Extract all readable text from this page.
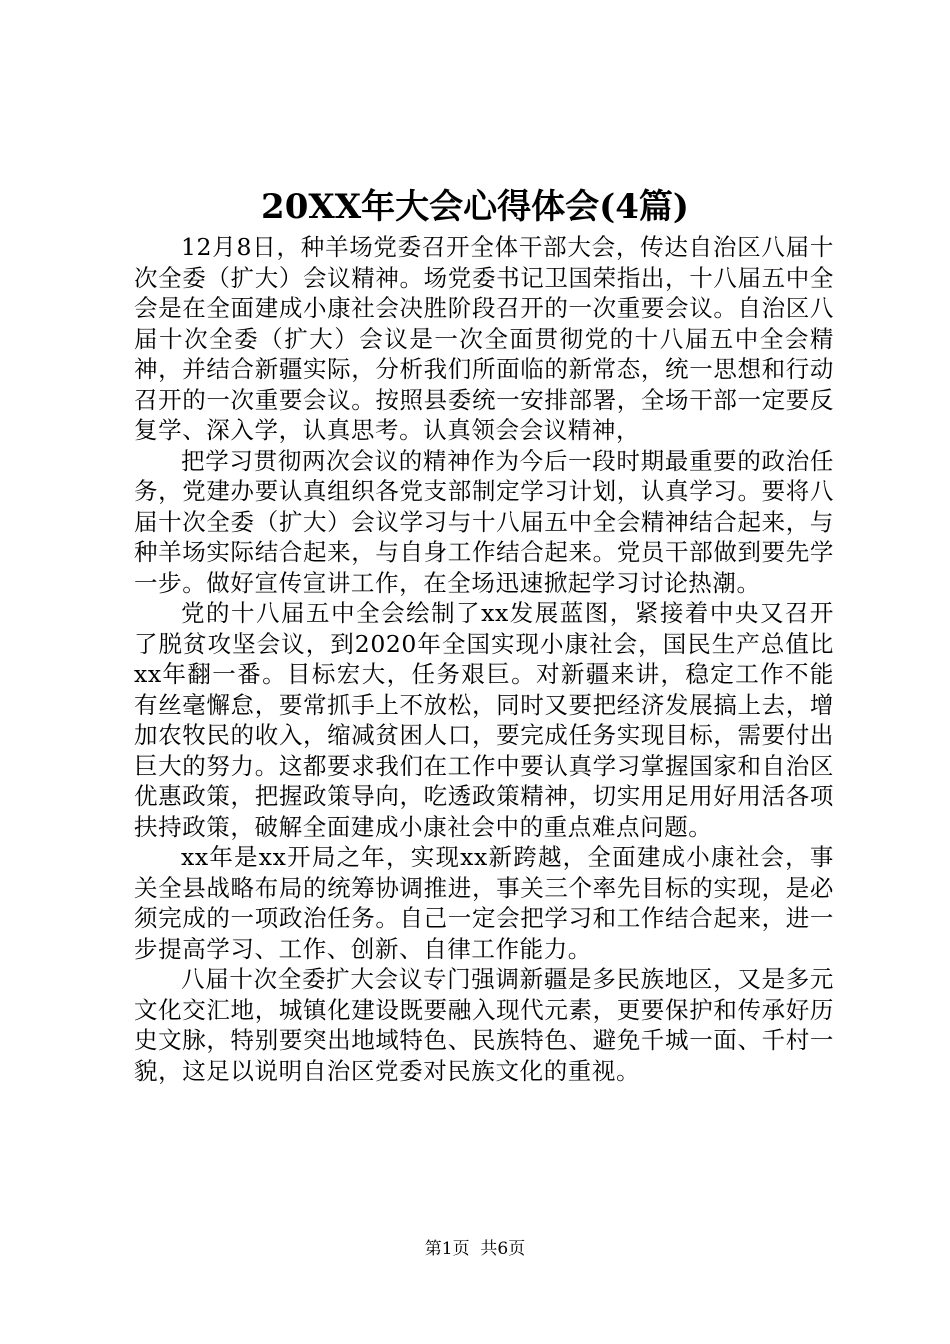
20XX年大会心得体会(4篇)

12月8日，种羊场党委召开全体干部大会，传达自治区八届十次全委（扩大）会议精神。场党委书记卫国荣指出，十八届五中全会是在全面建成小康社会决胜阶段召开的一次重要会议。自治区八届十次全委（扩大）会议是一次全面贯彻党的十八届五中全会精神，并结合新疆实际，分析我们所面临的新常态，统一思想和行动召开的一次重要会议。按照县委统一安排部署，全场干部一定要反复学、深入学，认真思考。认真领会会议精神，

把学习贯彻两次会议的精神作为今后一段时期最重要的政治任务，党建办要认真组织各党支部制定学习计划，认真学习。要将八届十次全委（扩大）会议学习与十八届五中全会精神结合起来，与种羊场实际结合起来，与自身工作结合起来。党员干部做到要先学一步。做好宣传宣讲工作，在全场迅速掀起学习讨论热潮。

党的十八届五中全会绘制了xx发展蓝图，紧接着中央又召开了脱贫攻坚会议，到2020年全国实现小康社会，国民生产总值比xx年翻一番。目标宏大，任务艰巨。对新疆来讲，稳定工作不能有丝毫懈怠，要常抓手上不放松，同时又要把经济发展搞上去，增加农牧民的收入，缩减贫困人口，要完成任务实现目标，需要付出巨大的努力。这都要求我们在工作中要认真学习掌握国家和自治区优惠政策，把握政策导向，吃透政策精神，切实用足用好用活各项扶持政策，破解全面建成小康社会中的重点难点问题。

xx年是xx开局之年，实现xx新跨越，全面建成小康社会，事关全县战略布局的统筹协调推进，事关三个率先目标的实现，是必须完成的一项政治任务。自己一定会把学习和工作结合起来，进一步提高学习、工作、创新、自律工作能力。

八届十次全委扩大会议专门强调新疆是多民族地区，又是多元文化交汇地，城镇化建设既要融入现代元素，更要保护和传承好历史文脉，特别要突出地域特色、民族特色、避免千城一面、千村一貌，这足以说明自治区党委对民族文化的重视。

第1页  共6页
